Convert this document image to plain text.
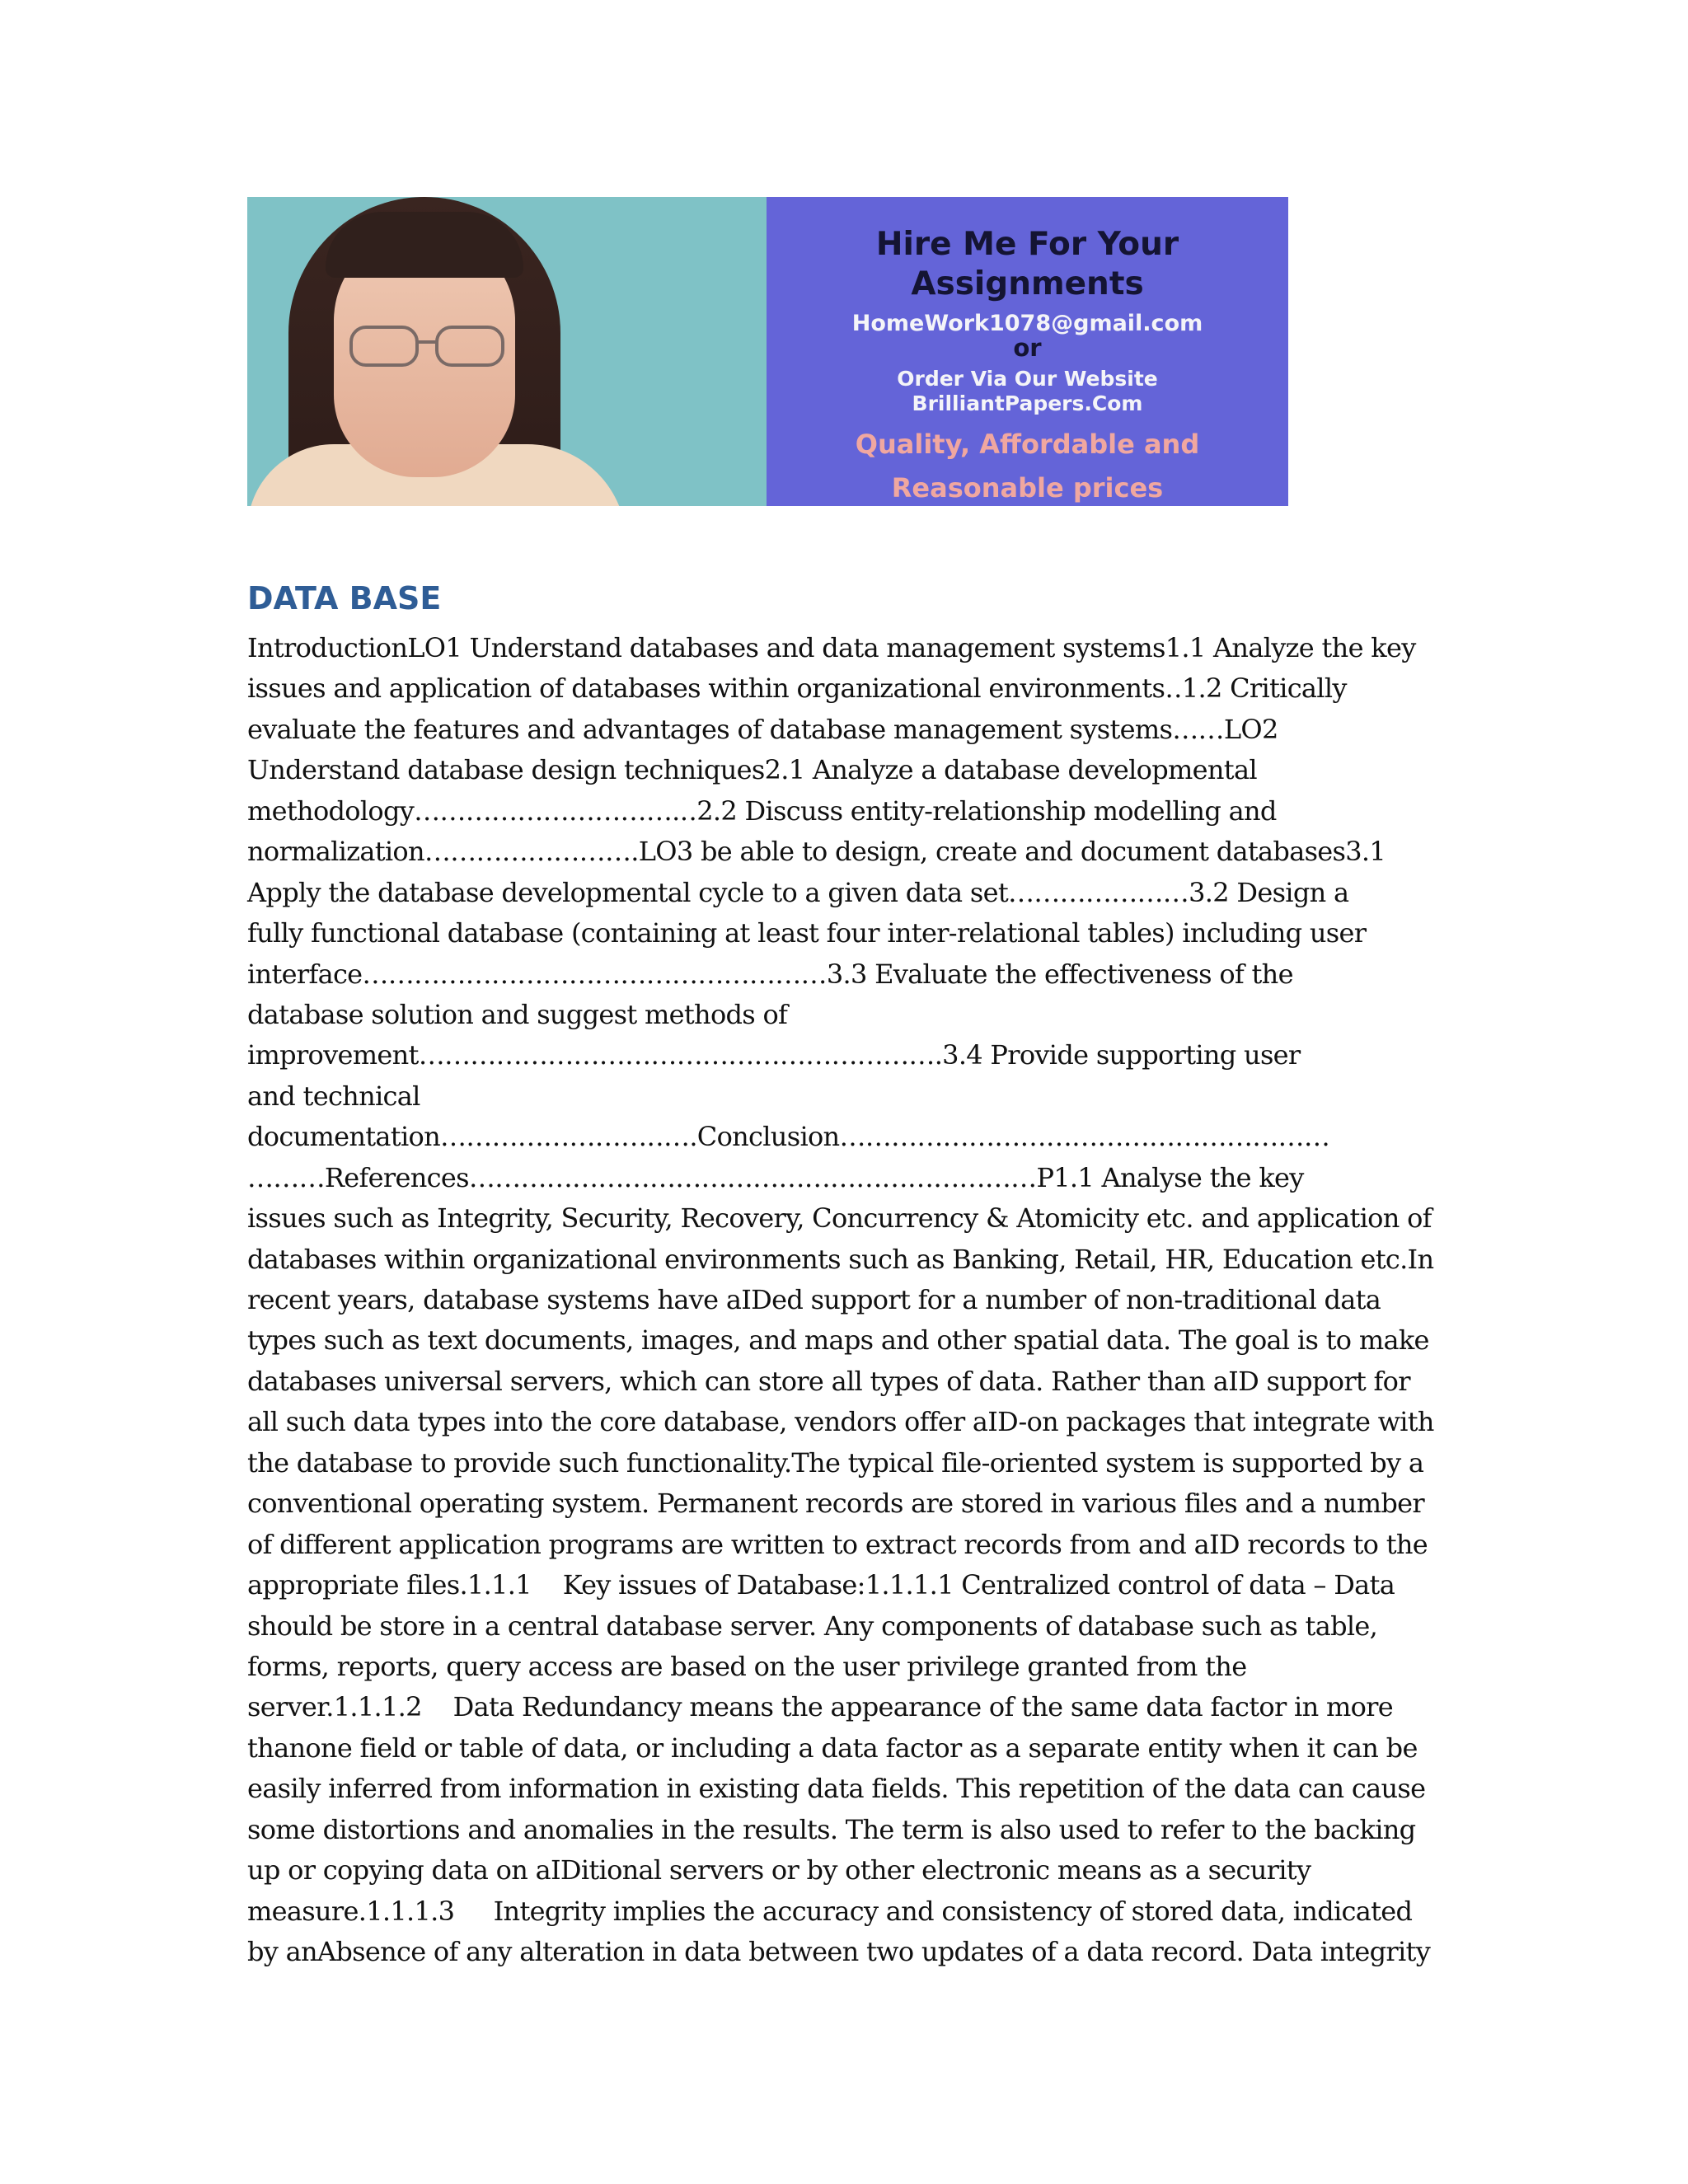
Hire Me For Your

Assignments

HomeWork1078@gmail.com

or

Order Via Our Website

BrilliantPapers.Com

Quality, Affordable and

Reasonable prices

DATA BASE
IntroductionLO1 Understand databases and data management systems1.1 Analyze the key
issues and application of databases within organizational environments‥1.2 Critically
evaluate the features and advantages of database management systems……LO2
Understand database design techniques2.1 Analyze a database developmental
methodology………………………….‥2.2 Discuss entity-relationship modelling and
normalization…………………….LO3 be able to design, create and document databases3.1
Apply the database developmental cycle to a given data set…………………3.2 Design a
fully functional database (containing at least four inter-relational tables) including user
interface………………………………………………3.3 Evaluate the effectiveness of the
database solution and suggest methods of
improvement…………………………………………………….3.4 Provide supporting user
and technical
documentation……………………‥….Conclusion…………………………………………………
………References…………………………………………………………P1.1 Analyse the key
issues such as Integrity, Security, Recovery, Concurrency & Atomicity etc. and application of
databases within organizational environments such as Banking, Retail, HR, Education etc.In
recent years, database systems have aIDed support for a number of non-traditional data
types such as text documents, images, and maps and other spatial data. The goal is to make
databases universal servers, which can store all types of data. Rather than aID support for
all such data types into the core database, vendors offer aID-on packages that integrate with
the database to provide such functionality.The typical file-oriented system is supported by a
conventional operating system. Permanent records are stored in various files and a number
of different application programs are written to extract records from and aID records to the
appropriate files.1.1.1    Key issues of Database:1.1.1.1 Centralized control of data – Data
should be store in a central database server. Any components of database such as table,
forms, reports, query access are based on the user privilege granted from the
server.1.1.1.2    Data Redundancy means the appearance of the same data factor in more
thanone field or table of data, or including a data factor as a separate entity when it can be
easily inferred from information in existing data fields. This repetition of the data can cause
some distortions and anomalies in the results. The term is also used to refer to the backing
up or copying data on aIDitional servers or by other electronic means as a security
measure.1.1.1.3     Integrity implies the accuracy and consistency of stored data, indicated
by anAbsence of any alteration in data between two updates of a data record. Data integrity
